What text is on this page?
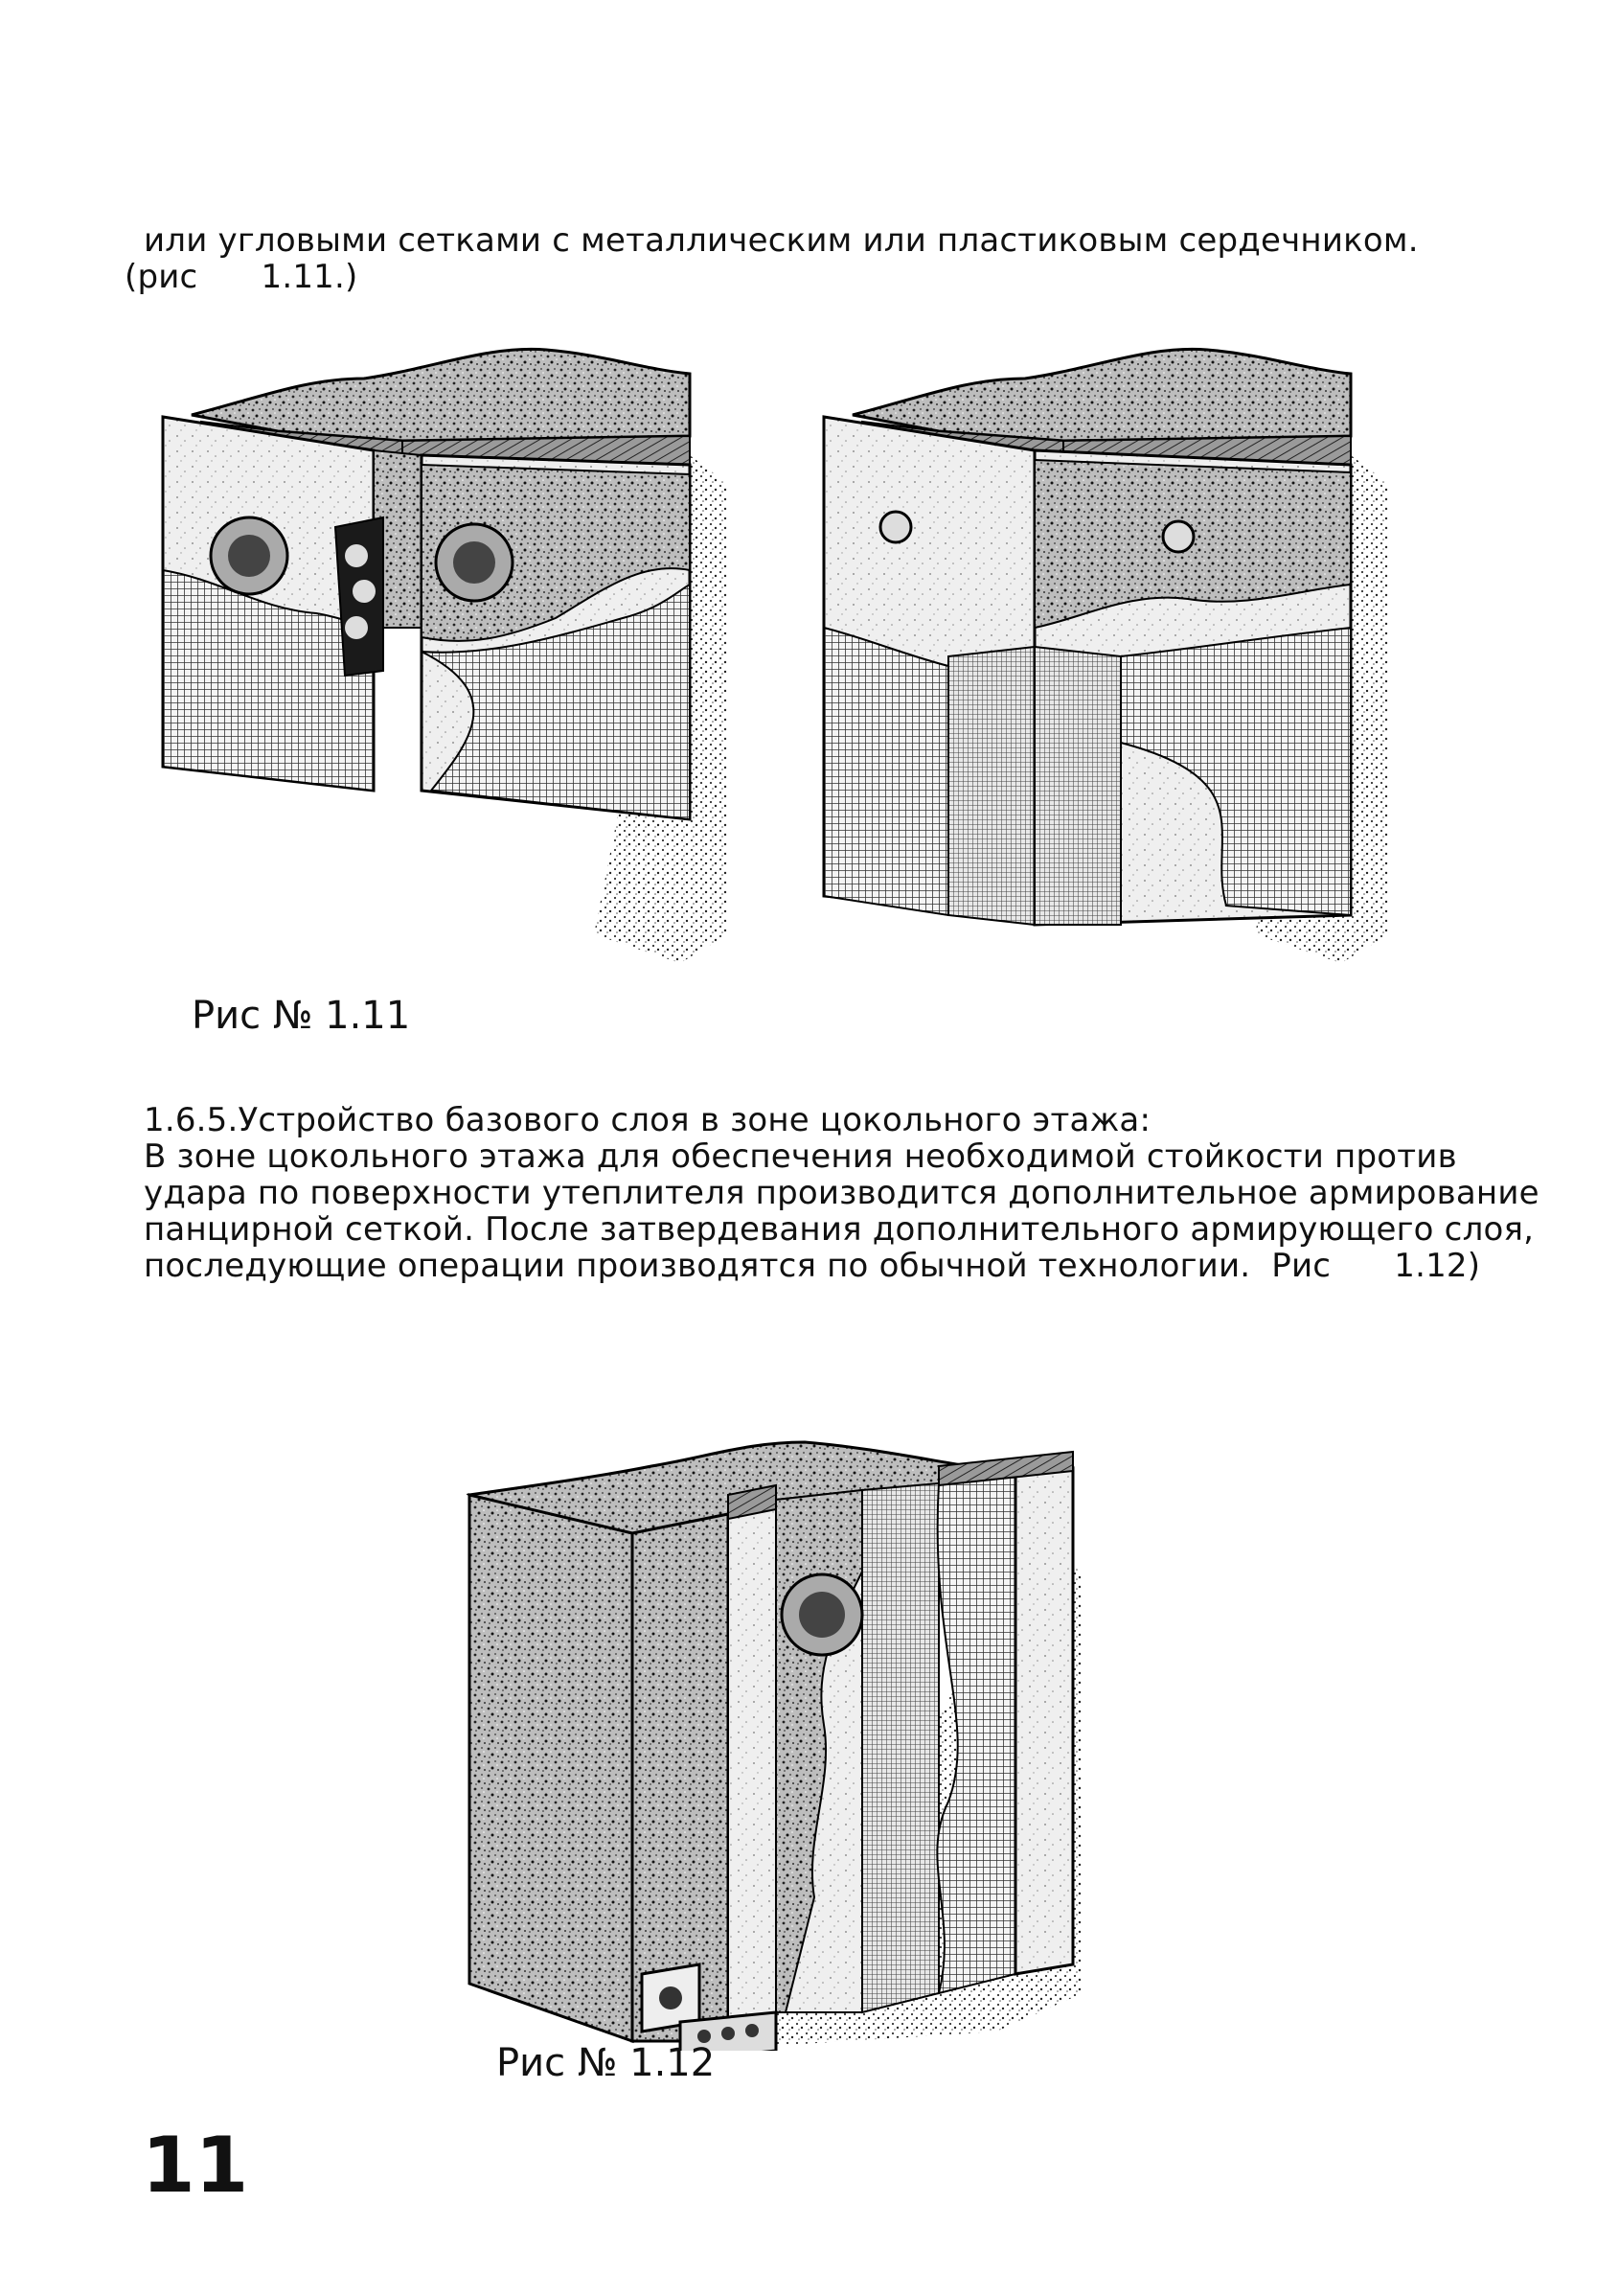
или угловыми сетками с металлическим или пластиковым сердечником.
(рис      1.11.)
Рис № 1.11
1.6.5.Устройство базового слоя в зоне цокольного этажа:
В зоне цокольного этажа для обеспечения необходимой стойкости против
удара по поверхности утеплителя производится дополнительное армирование
панцирной сеткой. После затвердевания дополнительного армирующего слоя,
последующие операции производятся по обычной технологии.  Рис      1.12)
Рис № 1.12
11
